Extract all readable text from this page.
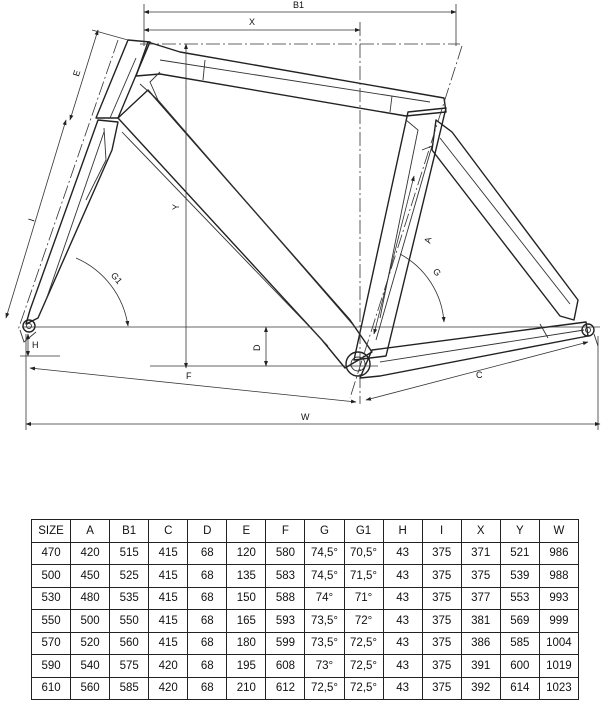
B1
X
E
Y
I
G1
H	D
F
A
G
C
W
SIZE	A	B1	C	D	E	F	G	G1	H	I	X	Y	W
470	420	515	415	68	120	580	74,5°	70,5°	43	375	371	521	986
500	450	525	415	68	135	583	74,5°	71,5°	43	375	375	539	988
530	480	535	415	68	150	588	74°	71°	43	375	377	553	993
550	500	550	415	68	165	593	73,5°	72°	43	375	381	569	999
570	520	560	415	68	180	599	73,5°	72,5°	43	375	386	585	1004
590	540	575	420	68	195	608	73°	72,5°	43	375	391	600	1019
610	560	585	420	68	210	612	72,5°	72,5°	43	375	392	614	1023
